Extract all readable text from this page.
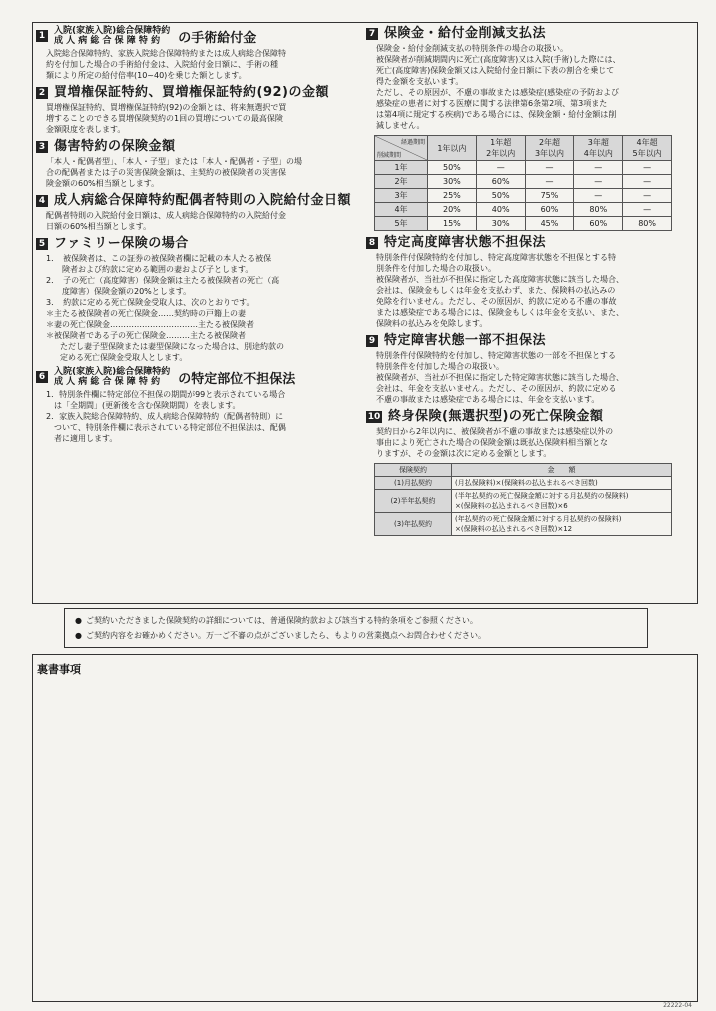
1 入院(家族入院)総合保障特約
成 人 病 総 合 保 障 特 約	の手術給付金

入院総合保障特約、家族入院総合保障特約または成人病総合保障特

約を付加した場合の手術給付金は、入院給付金日額に、手術の種

類により所定の給付倍率(10~40)を乗じた額とします。

2 買増権保証特約、買増権保証特約(92)の金額

買増権保証特約、買増権保証特約(92)の金額とは、将来無選択で買

増することのできる買増保険契約の1回の買増についての最高保険

金額限度を表します。

3 傷害特約の保険金額

「本人・配偶者型」、「本人・子型」または「本人・配偶者・子型」の場

合の配偶者または子の災害保険金額は、主契約の被保険者の災害保

険金額の60%相当額とします。

4 成人病総合保障特約配偶者特則の入院給付金日額

配偶者特則の入院給付金日額は、成人病総合保障特約の入院給付金

日額の60%相当額とします。

5 ファミリー保険の場合
1．　被保険者は、この証券の被保険者欄に記載の本人たる被保
　　険者および約款に定める範囲の妻および子とします。
2．　子の死亡（高度障害）保険金額は主たる被保険者の死亡（高
　　度障害）保険金額の20%とします。
3．　約款に定める死亡保険金受取人は、次のとおりです。
＊主たる被保険者の死亡保険金……契約時の戸籍上の妻
＊妻の死亡保険金……………………………主たる被保険者
＊被保険者である子の死亡保険金………主たる被保険者
ただし妻子型保険または妻型保険になった場合は、別途約款の
定める死亡保険金受取人とします。
6 入院(家族入院)総合保障特約
成 人 病 総 合 保 障 特 約	の特定部位不担保法
1．特別条件欄に特定部位不担保の期間が99と表示されている場合
　は「全期間」(更新後を含む保険期間）を表します。
2．家族入院総合保障特約、成人病総合保障特約（配偶者特則）に
　ついて、特別条件欄に表示されている特定部位不担保法は、配偶
　者に適用します。
7 保険金・給付金削減支払法

保険金・給付金削減支払の特別条件の場合の取扱い。

被保険者が削減期間内に死亡(高度障害)又は入院(手術)した際には、

死亡(高度障害)保険金額又は入院給付金日額に下表の割合を乗じて

得た金額を支払います。

ただし、その原因が、不慮の事故または感染症(感染症の予防および

感染症の患者に対する医療に関する法律第6条第2項、第3項また

は第4項に規定する疾病)である場合には、保険金額・給付金額は削

減しません。

経過期間
削減期間	1年以内	1年超
2年以内	2年超
3年以内	3年超
4年以内	4年超
5年以内
1年	50%	—	—	—	—
2年	30%	60%	—	—	—
3年	25%	50%	75%	—	—
4年	20%	40%	60%	80%	—
5年	15%	30%	45%	60%	80%
8 特定高度障害状態不担保法

特別条件付保険特約を付加し、特定高度障害状態を不担保とする特

別条件を付加した場合の取扱い。

被保険者が、当社が不担保に指定した高度障害状態に該当した場合、

会社は、保険金もしくは年金を支払わず、また、保険料の払込みの

免除を行いません。ただし、その原因が、約款に定める不慮の事故

または感染症である場合には、保険金もしくは年金を支払い、また、

保険料の払込みを免除します。

9 特定障害状態一部不担保法

特別条件付保険特約を付加し、特定障害状態の一部を不担保とする

特別条件を付加した場合の取扱い。

被保険者が、当社が不担保に指定した特定障害状態に該当した場合、

会社は、年金を支払いません。ただし、その原因が、約款に定める

不慮の事故または感染症である場合には、年金を支払います。

10 終身保険(無選択型)の死亡保険金額

契約日から2年以内に、被保険者が不慮の事故または感染症以外の

事由により死亡された場合の保険金額は既払込保険料相当額とな

りますが、その金額は次に定める金額とします。

保険契約	金　　額
(1)月払契約	(月払保険料)×(保険料の払込まれるべき回数)
(2)半年払契約	(半年払契約の死亡保険金額に対する月払契約の保険料)
×(保険料の払込まれるべき回数)×6
(3)年払契約	(年払契約の死亡保険金額に対する月払契約の保険料)
×(保険料の払込まれるべき回数)×12
● ご契約いただきました保険契約の詳細については、普通保険約款および該当する特約条項をご参照ください。
● ご契約内容をお確かめください。万一ご不審の点がございましたら、もよりの営業拠点へお問合わせください。
裏書事項
22222-04
